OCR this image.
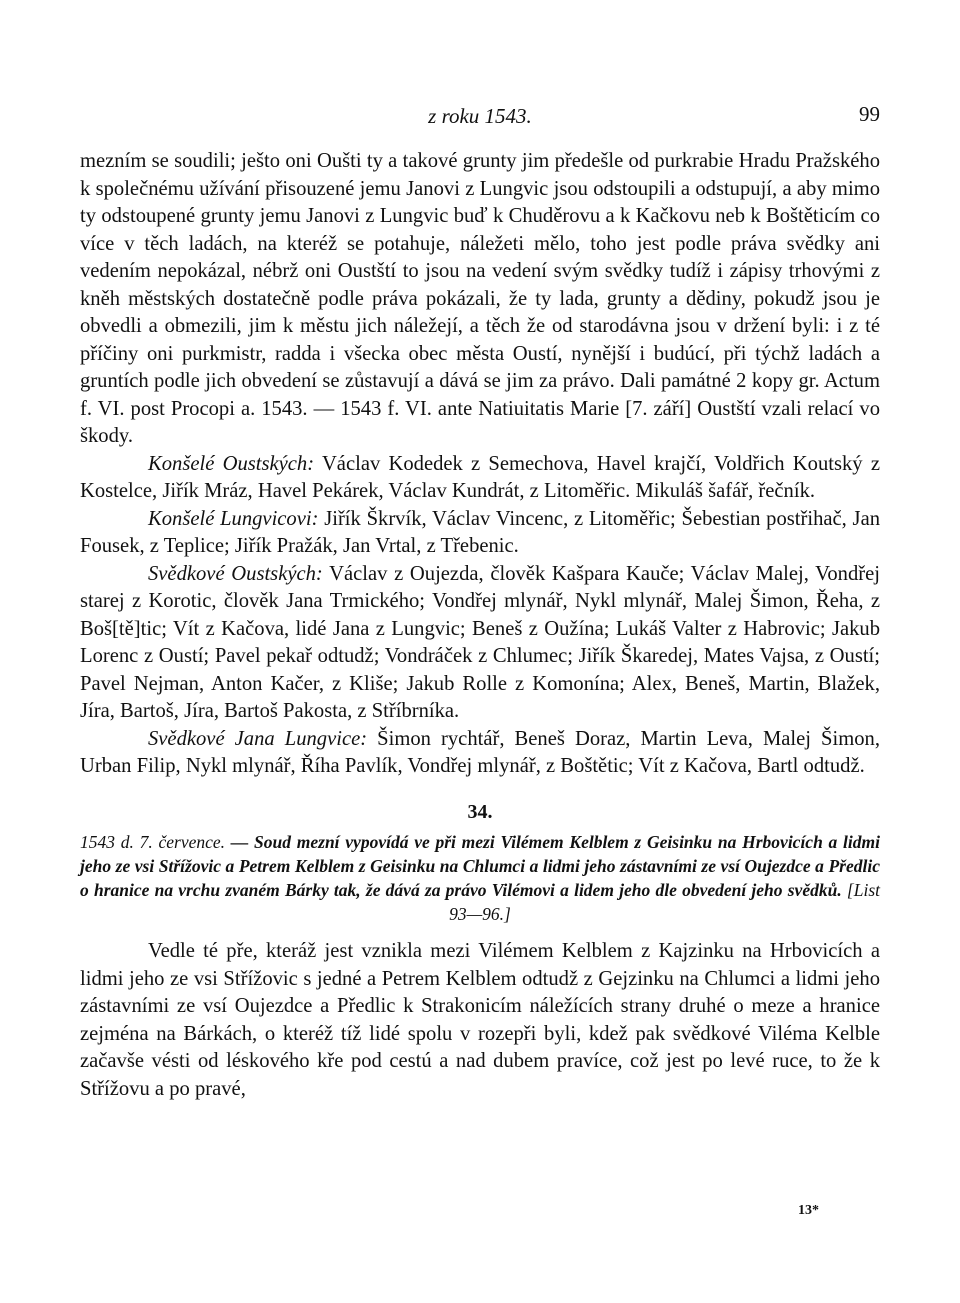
z roku 1543.	99

mezním se soudili; ješto oni Oušti ty a takové grunty jim předešle od purkrabie Hradu Pražského k společnému užívání přisouzené jemu Janovi z Lungvic jsou odstoupili a odstupují, a aby mimo ty odstoupené grunty jemu Janovi z Lungvic buď k Chuděrovu a k Kačkovu neb k Boštěticím co více v těch ladách, na kteréž se potahuje, náležeti mělo, toho jest podle práva svědky ani vedením nepokázal, nébrž oni Oustští to jsou na vedení svým svědky tudíž i zápisy trhovými z kněh městských dostatečně podle práva pokázali, že ty lada, grunty a dědiny, pokudž jsou je obvedli a obmezili, jim k městu jich náležejí, a těch že od starodávna jsou v držení byli: i z té příčiny oni purkmistr, radda i všecka obec města Oustí, nynější i budúcí, při týchž ladách a gruntích podle jich obvedení se zůstavují a dává se jim za právo. Dali památné 2 kopy gr. Actum f. VI. post Procopi a. 1543. — 1543 f. VI. ante Natiuitatis Marie [7. září] Oustští vzali relací vo škody.

Konšelé Oustských: Václav Kodedek z Semechova, Havel krajčí, Voldřich Koutský z Kostelce, Jiřík Mráz, Havel Pekárek, Václav Kundrát, z Litoměřic. Mikuláš šafář, řečník.

Konšelé Lungvicovi: Jiřík Škrvík, Václav Vincenc, z Litoměřic; Šebestian postřihač, Jan Fousek, z Teplice; Jiřík Pražák, Jan Vrtal, z Třebenic.

Svědkové Oustských: Václav z Oujezda, člověk Kašpara Kauče; Václav Malej, Vondřej starej z Korotic, člověk Jana Trmického; Vondřej mlynář, Nykl mlynář, Malej Šimon, Řeha, z Boš[tě]tic; Vít z Kačova, lidé Jana z Lungvic; Beneš z Oužína; Lukáš Valter z Habrovic; Jakub Lorenc z Oustí; Pavel pekař odtudž; Vondráček z Chlumec; Jiřík Škaredej, Mates Vajsa, z Oustí; Pavel Nejman, Anton Kačer, z Kliše; Jakub Rolle z Komonína; Alex, Beneš, Martin, Blažek, Jíra, Bartoš, Jíra, Bartoš Pakosta, z Stříbrníka.

Svědkové Jana Lungvice: Šimon rychtář, Beneš Doraz, Martin Leva, Malej Šimon, Urban Filip, Nykl mlynář, Říha Pavlík, Vondřej mlynář, z Boštětic; Vít z Kačova, Bartl odtudž.

34.

1543 d. 7. července. — Soud mezní vypovídá ve při mezi Vilémem Kelblem z Geisinku na Hrbovicích a lidmi jeho ze vsi Střížovic a Petrem Kelblem z Geisinku na Chlumci a lidmi jeho zástavními ze vsí Oujezdce a Předlic o hranice na vrchu zvaném Bárky tak, že dává za právo Vilémovi a lidem jeho dle obvedení jeho svědků. [List 93—96.]

Vedle té pře, kteráž jest vznikla mezi Vilémem Kelblem z Kajzinku na Hrbovicích a lidmi jeho ze vsi Střížovic s jedné a Petrem Kelblem odtudž z Gejzinku na Chlumci a lidmi jeho zástavními ze vsí Oujezdce a Předlic k Strakonicím náležících strany druhé o meze a hranice zejména na Bárkách, o kteréž tíž lidé spolu v rozepři byli, kdež pak svědkové Viléma Kelble začavše vésti od léskového kře pod cestú a nad dubem pravíce, což jest po levé ruce, to že k Střížovu a po pravé,

13*
